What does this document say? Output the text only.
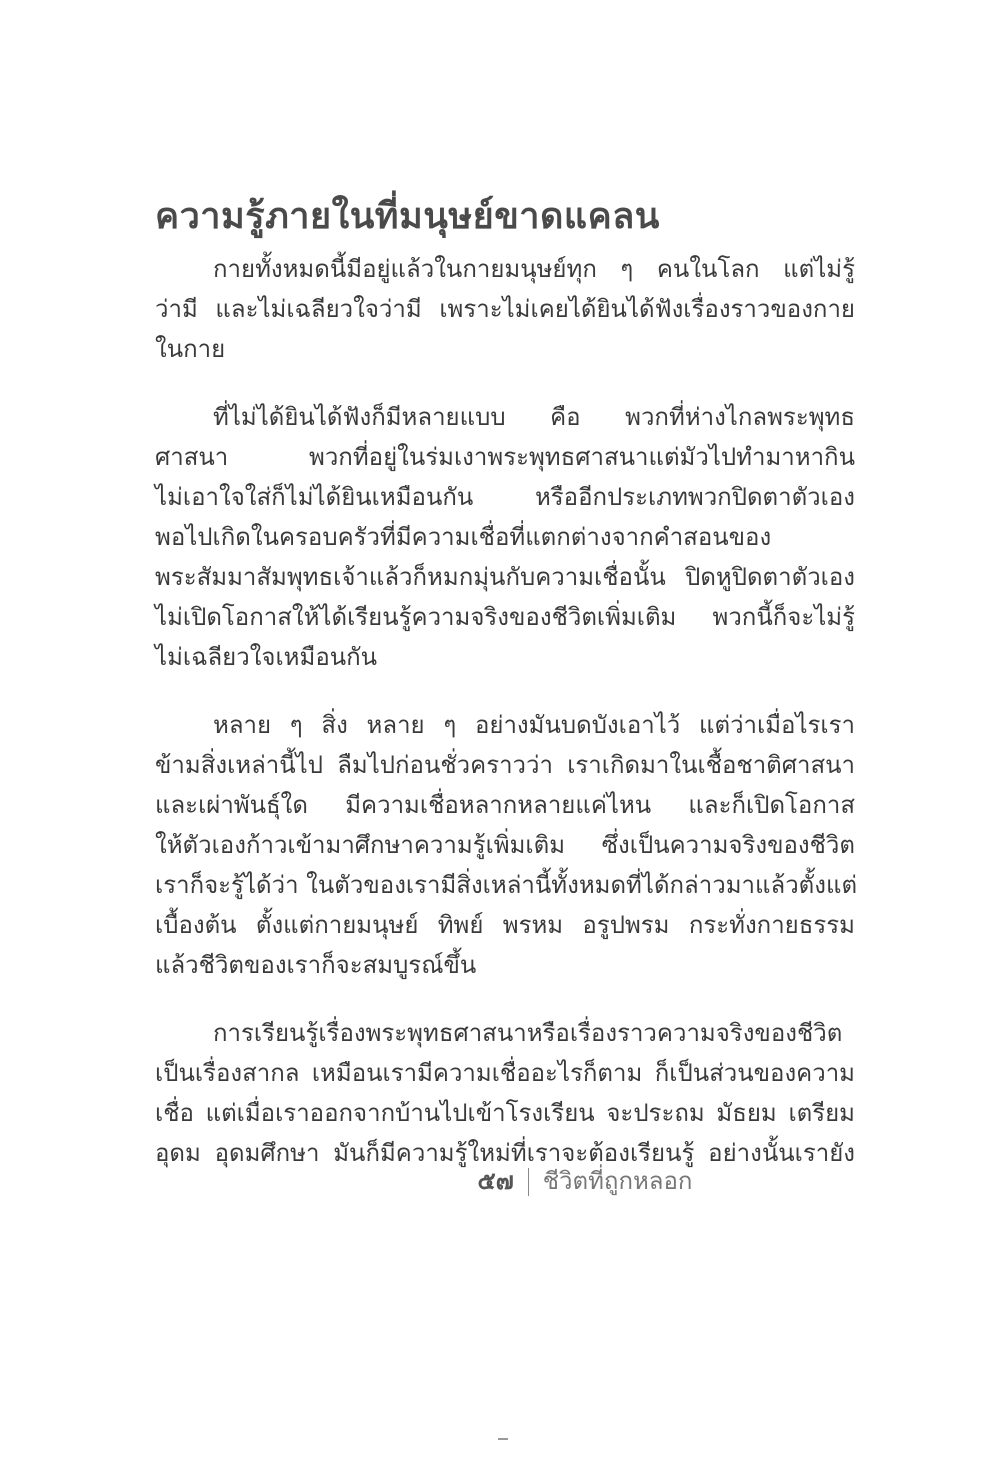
ความรู้ภายในที่มนุษย์ขาดแคลน
กายทั้งหมดนี้มีอยู่แล้วในกายมนุษย์ทุก ๆ คนในโลก แต่ไม่รู้
ว่ามี และไม่เฉลียวใจว่ามี เพราะไม่เคยได้ยินได้ฟังเรื่องราวของกาย
ในกาย
ที่ไม่ได้ยินได้ฟังก็มีหลายแบบ คือ พวกที่ห่างไกลพระพุทธ
ศาสนา พวกที่อยู่ในร่มเงาพระพุทธศาสนาแต่มัวไปทำมาหากิน
ไม่เอาใจใส่ก็ไม่ได้ยินเหมือนกัน หรืออีกประเภทพวกปิดตาตัวเอง
พอไปเกิดในครอบครัวที่มีความเชื่อที่แตกต่างจากคำสอนของ
พระสัมมาสัมพุทธเจ้าแล้วก็หมกมุ่นกับความเชื่อนั้น ปิดหูปิดตาตัวเอง
ไม่เปิดโอกาสให้ได้เรียนรู้ความจริงของชีวิตเพิ่มเติม พวกนี้ก็จะไม่รู้
ไม่เฉลียวใจเหมือนกัน
หลาย ๆ สิ่ง หลาย ๆ อย่างมันบดบังเอาไว้ แต่ว่าเมื่อไรเรา
ข้ามสิ่งเหล่านี้ไป ลืมไปก่อนชั่วคราวว่า เราเกิดมาในเชื้อชาติศาสนา
และเผ่าพันธุ์ใด มีความเชื่อหลากหลายแค่ไหน และก็เปิดโอกาส
ให้ตัวเองก้าวเข้ามาศึกษาความรู้เพิ่มเติม ซึ่งเป็นความจริงของชีวิต
เราก็จะรู้ได้ว่า ในตัวของเรามีสิ่งเหล่านี้ทั้งหมดที่ได้กล่าวมาแล้วตั้งแต่
เบื้องต้น ตั้งแต่กายมนุษย์ ทิพย์ พรหม อรูปพรม กระทั่งกายธรรม
แล้วชีวิตของเราก็จะสมบูรณ์ขึ้น
การเรียนรู้เรื่องพระพุทธศาสนาหรือเรื่องราวความจริงของชีวิต
เป็นเรื่องสากล เหมือนเรามีความเชื่ออะไรก็ตาม ก็เป็นส่วนของความ
เชื่อ แต่เมื่อเราออกจากบ้านไปเข้าโรงเรียน จะประถม มัธยม เตรียม
อุดม อุดมศึกษา มันก็มีความรู้ใหม่ที่เราจะต้องเรียนรู้ อย่างนั้นเรายัง
๕๗ ชีวิตที่ถูกหลอก
